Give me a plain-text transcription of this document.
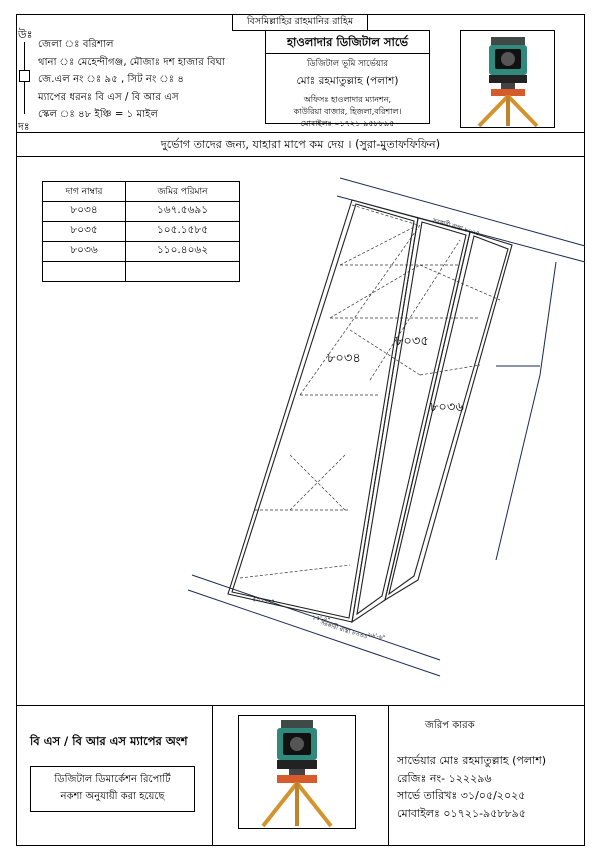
বিসমিল্লাহির রাহমানির রাহিম
উঃ
দঃ
জেলা ঃ বরিশাল
থানা ঃ মেহেন্দীগঞ্জ, মৌজাঃ দশ হাজার বিঘা
জে.এল নং ঃ ৯৫ , সিট নং ঃ ৪
ম্যাপের ধরনঃ বি এস / বি আর এস
স্কেল ঃ ৪৮ ইঞ্চি = ১ মাইল
হাওলাদার ডিজিটাল সার্ভে
ডিজিটাল ভূমি সার্ভেয়ার
মোঃ রহমাতুল্লাহ (পলাশ)
অফিসঃ হাওলাদার ম্যানশন,
কাউরিয়া বাজার, হিজলা,বরিশাল।
মোবাইলঃ ০১৭২১-৯৫৮৮৯৫
দুর্ভোগ তাদের জন্য, যাহারা মাপে কম দেয় । (সুরা-মুতাফফিফিন)
দাগ নাম্বার	জমির পরিমান
৮০৩৪	১৬৭.৫৬৯১
৮০৩৫	১০৫.১৫৮৫
৮০৩৬	১১০.৪০৬২

৮০৩৪
৮০৩৫
৮০৩৬
সরকারী রাস্তা ৮০০৫
সরকারী রাস্তা ৮০৩৩
৫০'-১১"
১৫'-৪"
২৬'-৬"
বি এস / বি আর এস ম্যাপের অংশ
ডিজিটাল ডিমার্কেশন রিপোর্টি
নকশা অনুযায়ী করা হয়েছে
জরিপ কারক
সার্ভেয়ার মোঃ রহমাতুল্লাহ (পলাশ)
রেজিঃ নং- ১২২২৯৬
সার্ভে তারিখঃ ৩১/০৫/২০২৫
মোবাইলঃ ০১৭২১-৯৫৮৮৯৫
